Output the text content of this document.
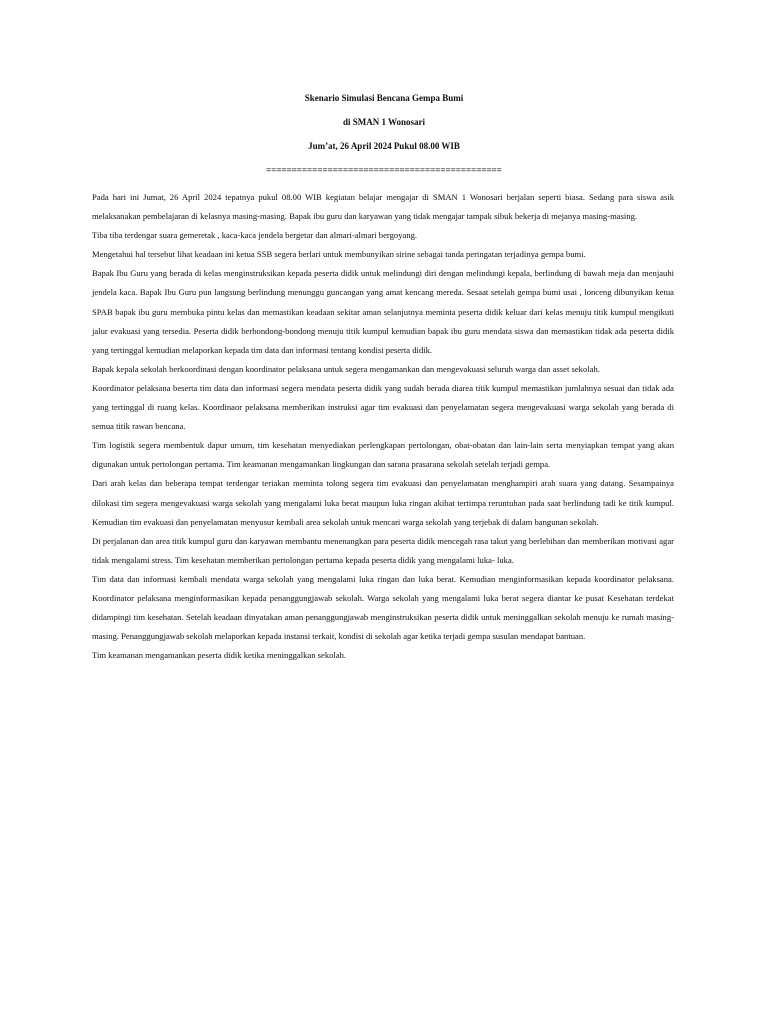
Skenario Simulasi Bencana Gempa Bumi
di SMAN 1 Wonosari
Jum’at, 26 April 2024 Pukul 08.00 WIB
==============================================

Pada hari ini Jumat, 26 April 2024 tepatnya pukul 08.00 WIB kegiatan belajar mengajar di SMAN 1 Wonosari berjalan seperti biasa. Sedang para siswa asik melaksanakan pembelajaran di kelasnya masing-masing. Bapak ibu guru dan karyawan yang tidak mengajar tampak sibuk bekerja di mejanya masing-masing.

Tiba tiba terdengar suara gemeretak , kaca-kaca jendela bergetar dan almari-almari bergoyang.

Mengetahui hal tersebut lihat keadaan ini ketua SSB segera berlari untuk membunyikan sirine sebagai tanda peringatan terjadinya gempa bumi.

Bapak Ibu Guru yang berada di kelas menginstruksikan kepada peserta didik untuk melindungi diri dengan melindungi kepala, berlindung di bawah meja dan menjauhi jendela kaca. Bapak Ibu Guru pun langsung berlindung menunggu guncangan yang amat kencang mereda. Sesaat setelah gempa bumi usai , lonceng dibunyikan ketua SPAB bapak ibu guru membuka pintu kelas dan memastikan keadaan sekitar aman selanjutnya meminta peserta didik keluar dari kelas menuju titik kumpul mengikuti jalur evakuasi yang tersedia. Peserta didik berbondong-bondong menuju titik kumpul kemudian bapak ibu guru mendata siswa dan memastikan tidak ada peserta didik yang tertinggal kemudian melaporkan kepada tim data dan informasi tentang kondisi peserta didik.

Bapak kepala sekolah berkoordinasi dengan koordinator pelaksana untuk segera mengamankan dan mengevakuasi seluruh warga dan asset sekolah.

Koordinator pelaksana beserta tim data dan informasi segera mendata peserta didik yang sudah berada diarea titik kumpul memastikan jumlahnya sesuai dan tidak ada yang tertinggal di ruang kelas. Koordinaor pelaksana memberikan instruksi agar tim evakuasi dan penyelamatan segera mengevakuasi warga sekolah yang berada di semua titik rawan bencana.

Tim logistik segera membentuk dapur umum, tim kesehatan menyediakan perlengkapan pertolongan, obat-obatan dan lain-lain serta menyiapkan tempat yang akan digunakan untuk pertolongan pertama. Tim keamanan mengamankan lingkungan dan sarana prasarana sekolah setelah terjadi gempa.

Dari arah kelas dan beberapa tempat terdengar teriakan meminta tolong segera tim evakuasi dan penyelamatan menghampiri arah suara yang datang. Sesampainya dilokasi tim segera mengevakuasi warga sekolah yang mengalami luka berat maupun luka ringan akibat tertimpa reruntuhan pada saat berlindung tadi ke titik kumpul. Kemudian tim evakuasi dan penyelamatan menyusur kembali area sekolah untuk mencari warga sekolah yang terjebak di dalam bangunan sekolah.

Di perjalanan dan area titik kumpul guru dan karyawan membantu menenangkan para peserta didik mencegah rasa takut yang berlebihan dan memberikan motivasi agar tidak mengalami stress. Tim kesehatan memberikan pertolongan pertama kepada peserta didik yang mengalami luka- luka.

Tim data dan informasi kembali mendata warga sekolah yang mengalami luka ringan dan luka berat. Kemudian menginformasikan kepada koordinator pelaksana. Koordinator pelaksana menginformasikan kepada penanggungjawab sekolah. Warga sekolah yang mengalami luka berat segera diantar ke pusat Kesehatan terdekat didampingi tim kesehatan. Setelah keadaan dinyatakan aman penanggungjawab menginstruksikan peserta didik untuk meninggalkan sekolah menuju ke rumah masing- masing. Penanggungjawab sekolah melaporkan kepada instansi terkait, kondisi di sekolah agar ketika terjadi gempa susulan mendapat bantuan.

Tim keamanan mengamankan peserta didik ketika meninggalkan sekolah.
